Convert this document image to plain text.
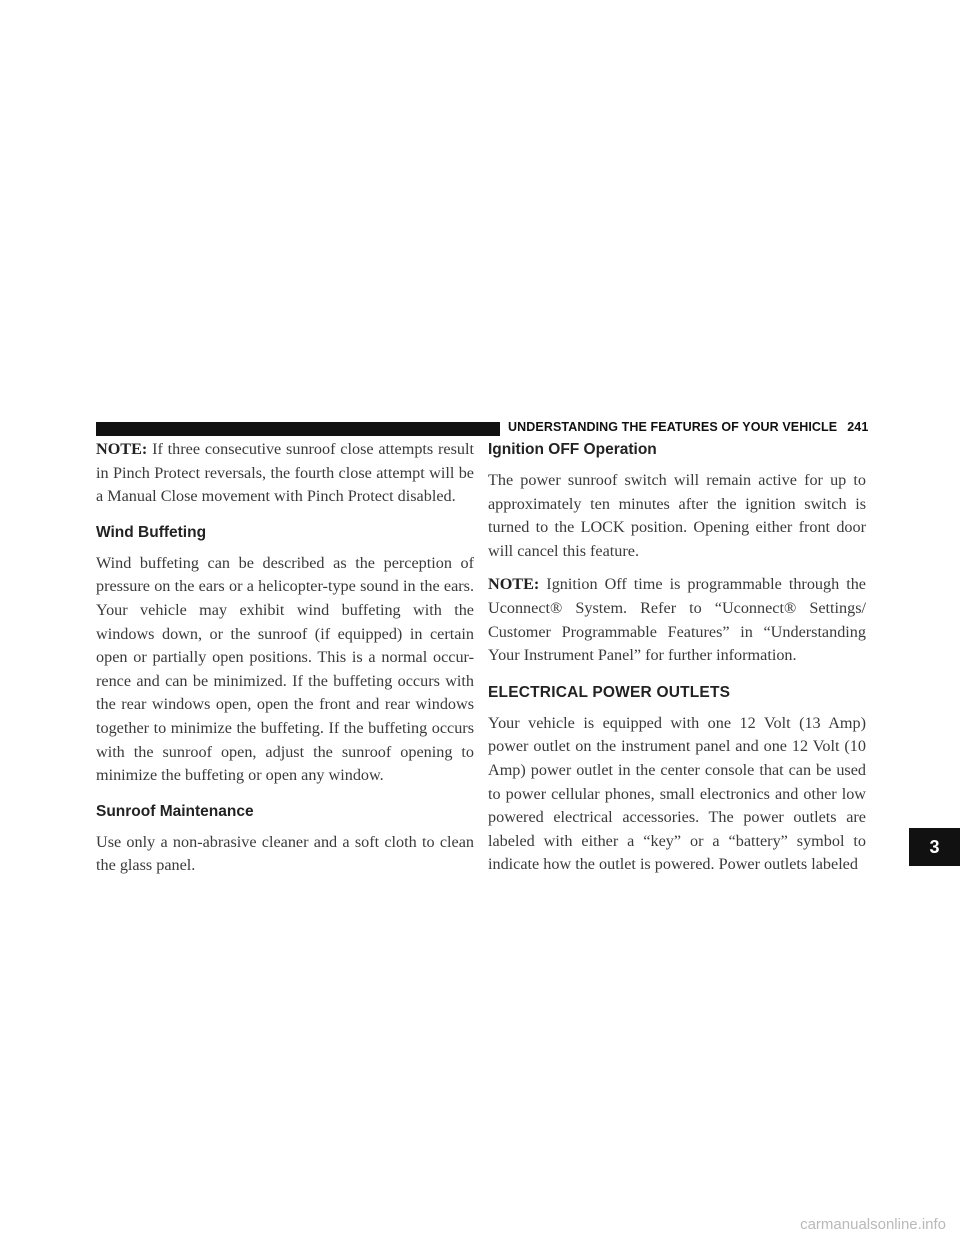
UNDERSTANDING THE FEATURES OF YOUR VEHICLE 241
3

NOTE: If three consecutive sunroof close attempts result in Pinch Protect reversals, the fourth close attempt will be a Manual Close movement with Pinch Protect disabled.

Wind Buffeting

Wind buffeting can be described as the perception of pressure on the ears or a helicopter-type sound in the ears. Your vehicle may exhibit wind buffeting with the windows down, or the sunroof (if equipped) in certain open or partially open positions. This is a normal occur-rence and can be minimized. If the buffeting occurs with the rear windows open, open the front and rear windows together to minimize the buffeting. If the buffeting occurs with the sunroof open, adjust the sunroof opening to minimize the buffeting or open any window.

Sunroof Maintenance

Use only a non-abrasive cleaner and a soft cloth to clean the glass panel.

Ignition OFF Operation

The power sunroof switch will remain active for up to approximately ten minutes after the ignition switch is turned to the LOCK position. Opening either front door will cancel this feature.

NOTE: Ignition Off time is programmable through the Uconnect® System. Refer to “Uconnect® Settings/ Customer Programmable Features” in “Understanding Your Instrument Panel” for further information.

ELECTRICAL POWER OUTLETS

Your vehicle is equipped with one 12 Volt (13 Amp) power outlet on the instrument panel and one 12 Volt (10 Amp) power outlet in the center console that can be used to power cellular phones, small electronics and other low powered electrical accessories. The power outlets are labeled with either a “key” or a “battery” symbol to indicate how the outlet is powered. Power outlets labeled

carmanualsonline.info
